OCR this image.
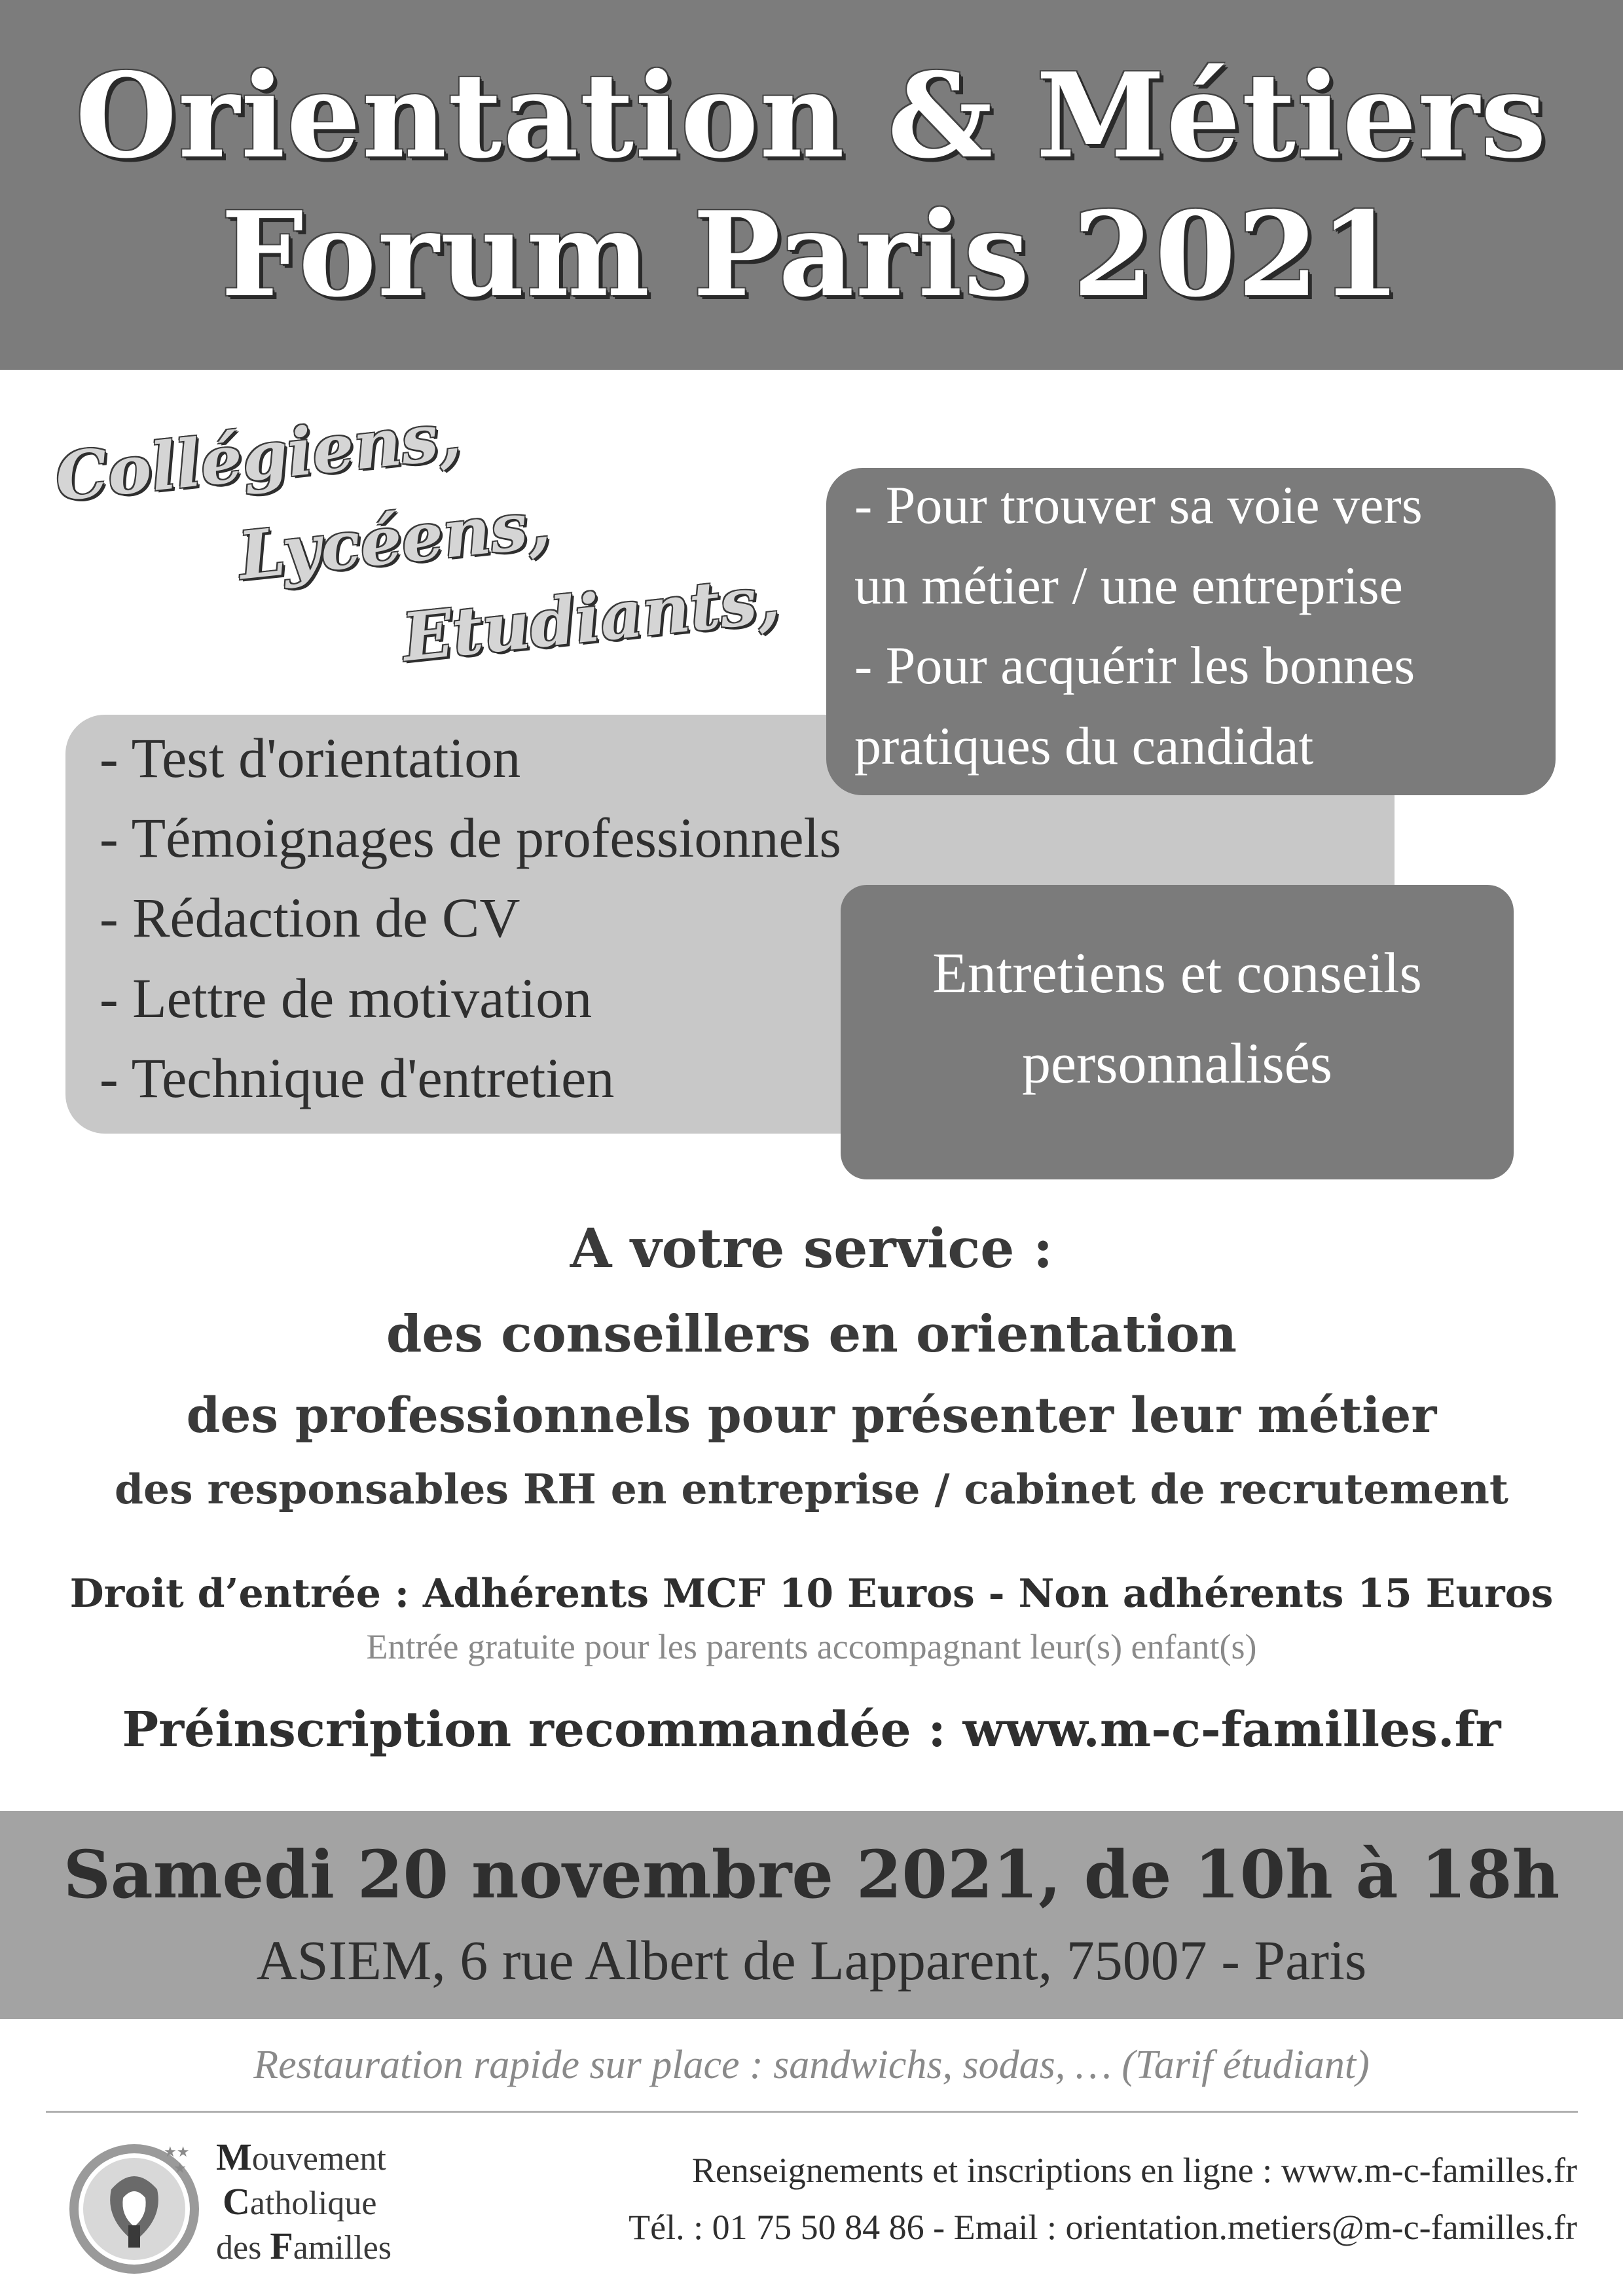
Orientation & Métiers
Forum Paris 2021
Collégiens,
Lycéens,
Etudiants,
- Pour trouver sa voie vers
un métier / une entreprise
- Pour acquérir les bonnes
pratiques du candidat
- Test d'orientation
- Témoignages de professionnels
- Rédaction de CV
- Lettre de motivation
- Technique d'entretien
Entretiens et conseils
personnalisés
A votre service :
des conseillers en orientation
des professionnels pour présenter leur métier
des responsables RH en entreprise / cabinet de recrutement
Droit d’entrée : Adhérents MCF 10 Euros - Non adhérents 15 Euros
Entrée gratuite pour les parents accompagnant leur(s) enfant(s)
Préinscription recommandée : www.m-c-familles.fr
Samedi 20 novembre 2021, de 10h à 18h
ASIEM, 6 rue Albert de Lapparent, 75007 - Paris
Restauration rapide sur place : sandwichs, sodas, … (Tarif étudiant)
★★
★ Mouvement
Catholique
des Familles
Renseignements et inscriptions en ligne : www.m-c-familles.fr
Tél. : 01 75 50 84 86 - Email : orientation.metiers@m-c-familles.fr
